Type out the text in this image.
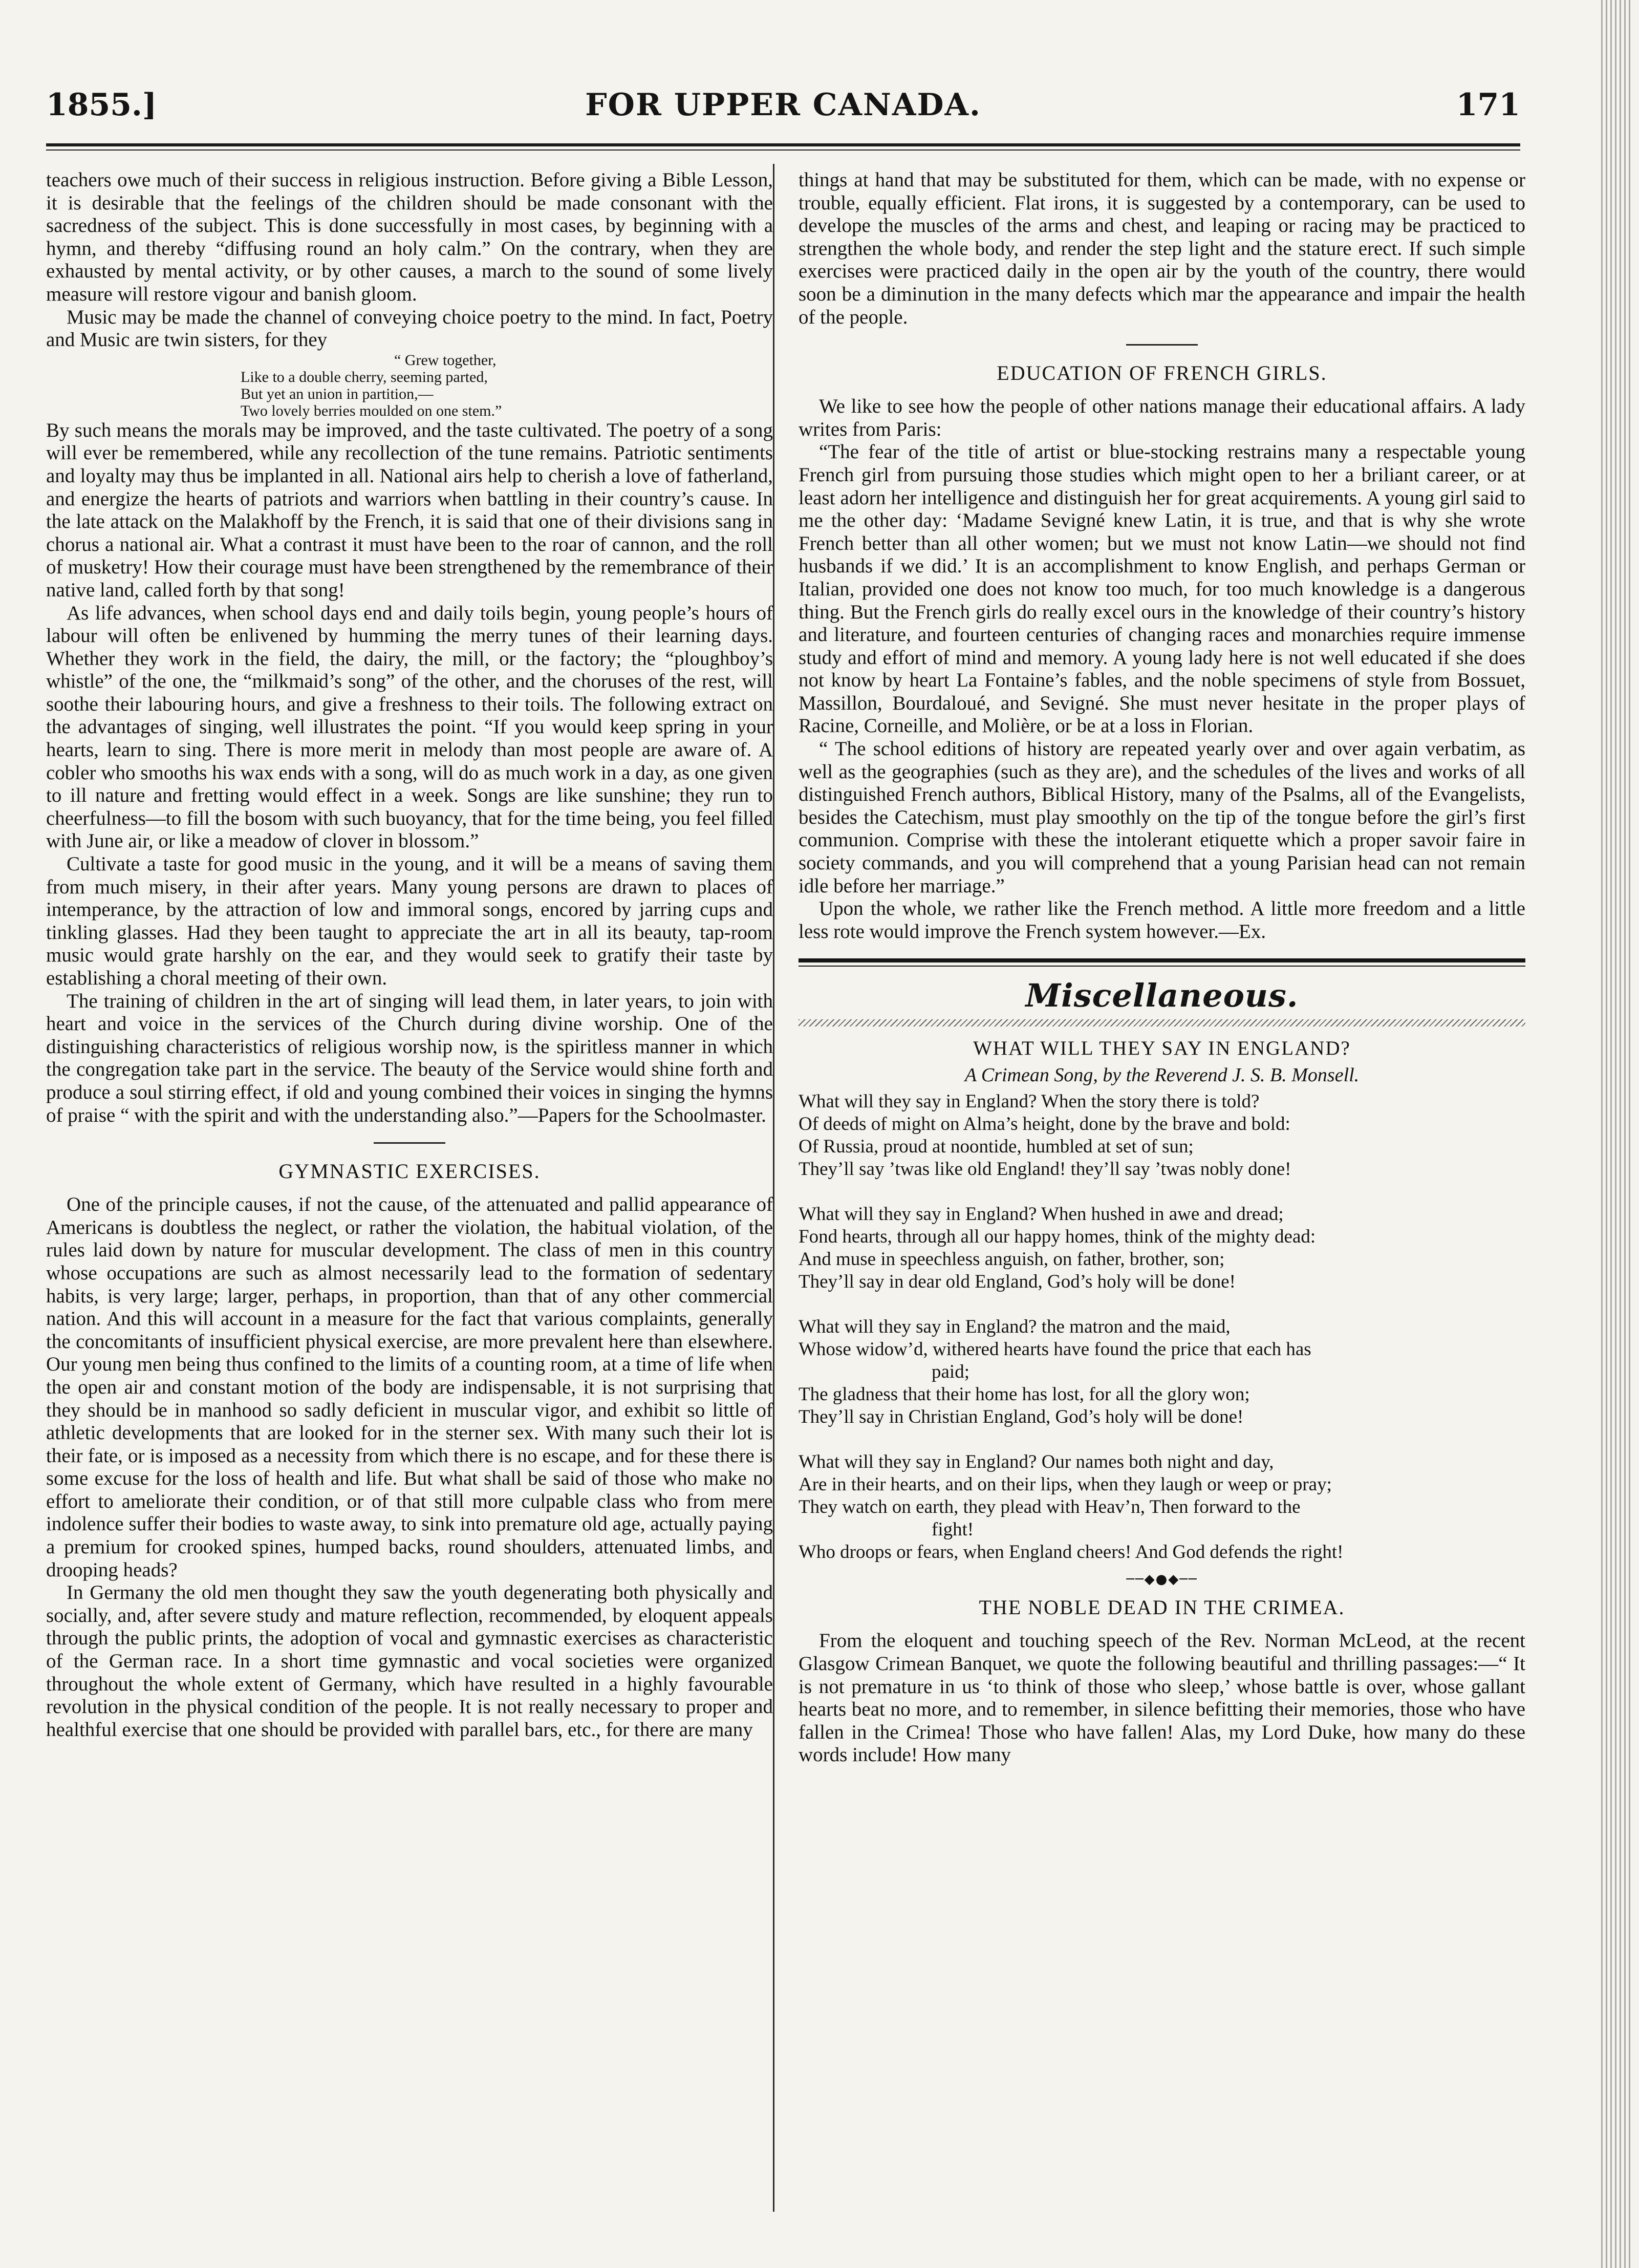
1855.]	FOR UPPER CANADA.	171

teachers owe much of their success in religious instruction. Before giving a Bible Lesson, it is desirable that the feelings of the children should be made consonant with the sacredness of the subject. This is done successfully in most cases, by beginning with a hymn, and thereby “diffusing round an holy calm.” On the contrary, when they are exhausted by mental activity, or by other causes, a march to the sound of some lively measure will restore vigour and banish gloom.

Music may be made the channel of conveying choice poetry to the mind. In fact, Poetry and Music are twin sisters, for they

“ Grew together,
Like to a double cherry, seeming parted,
But yet an union in partition,—
Two lovely berries moulded on one stem.”

By such means the morals may be improved, and the taste cultivated. The poetry of a song will ever be remembered, while any recollection of the tune remains. Patriotic sentiments and loyalty may thus be implanted in all. National airs help to cherish a love of fatherland, and energize the hearts of patriots and warriors when battling in their country’s cause. In the late attack on the Malakhoff by the French, it is said that one of their divisions sang in chorus a national air. What a contrast it must have been to the roar of cannon, and the roll of musketry! How their courage must have been strengthened by the remembrance of their native land, called forth by that song!

As life advances, when school days end and daily toils begin, young people’s hours of labour will often be enlivened by humming the merry tunes of their learning days. Whether they work in the field, the dairy, the mill, or the factory; the “ploughboy’s whistle” of the one, the “milkmaid’s song” of the other, and the choruses of the rest, will soothe their labouring hours, and give a freshness to their toils. The following extract on the advantages of singing, well illustrates the point. “If you would keep spring in your hearts, learn to sing. There is more merit in melody than most people are aware of. A cobler who smooths his wax ends with a song, will do as much work in a day, as one given to ill nature and fretting would effect in a week. Songs are like sunshine; they run to cheerfulness—to fill the bosom with such buoyancy, that for the time being, you feel filled with June air, or like a meadow of clover in blossom.”

Cultivate a taste for good music in the young, and it will be a means of saving them from much misery, in their after years. Many young persons are drawn to places of intemperance, by the attraction of low and immoral songs, encored by jarring cups and tinkling glasses. Had they been taught to appreciate the art in all its beauty, tap-room music would grate harshly on the ear, and they would seek to gratify their taste by establishing a choral meeting of their own.

The training of children in the art of singing will lead them, in later years, to join with heart and voice in the services of the Church during divine worship. One of the distinguishing characteristics of religious worship now, is the spiritless manner in which the congregation take part in the service. The beauty of the Service would shine forth and produce a soul stirring effect, if old and young combined their voices in singing the hymns of praise “ with the spirit and with the understanding also.”—Papers for the Schoolmaster.

GYMNASTIC EXERCISES.

One of the principle causes, if not the cause, of the attenuated and pallid appearance of Americans is doubtless the neglect, or rather the violation, the habitual violation, of the rules laid down by nature for muscular development. The class of men in this country whose occupations are such as almost necessarily lead to the formation of sedentary habits, is very large; larger, perhaps, in proportion, than that of any other commercial nation. And this will account in a measure for the fact that various complaints, generally the concomitants of insufficient physical exercise, are more prevalent here than elsewhere. Our young men being thus confined to the limits of a counting room, at a time of life when the open air and constant motion of the body are indispensable, it is not surprising that they should be in manhood so sadly deficient in muscular vigor, and exhibit so little of athletic developments that are looked for in the sterner sex. With many such their lot is their fate, or is imposed as a necessity from which there is no escape, and for these there is some excuse for the loss of health and life. But what shall be said of those who make no effort to ameliorate their condition, or of that still more culpable class who from mere indolence suffer their bodies to waste away, to sink into premature old age, actually paying a premium for crooked spines, humped backs, round shoulders, attenuated limbs, and drooping heads?

In Germany the old men thought they saw the youth degenerating both physically and socially, and, after severe study and mature reflection, recommended, by eloquent appeals through the public prints, the adoption of vocal and gymnastic exercises as characteristic of the German race. In a short time gymnastic and vocal societies were organized throughout the whole extent of Germany, which have resulted in a highly favourable revolution in the physical condition of the people. It is not really necessary to proper and healthful exercise that one should be provided with parallel bars, etc., for there are many

things at hand that may be substituted for them, which can be made, with no expense or trouble, equally efficient. Flat irons, it is suggested by a contemporary, can be used to develope the muscles of the arms and chest, and leaping or racing may be practiced to strengthen the whole body, and render the step light and the stature erect. If such simple exercises were practiced daily in the open air by the youth of the country, there would soon be a diminution in the many defects which mar the appearance and impair the health of the people.

EDUCATION OF FRENCH GIRLS.

We like to see how the people of other nations manage their educational affairs. A lady writes from Paris:

“The fear of the title of artist or blue-stocking restrains many a respectable young French girl from pursuing those studies which might open to her a briliant career, or at least adorn her intelligence and distinguish her for great acquirements. A young girl said to me the other day: ‘Madame Sevigné knew Latin, it is true, and that is why she wrote French better than all other women; but we must not know Latin—we should not find husbands if we did.’ It is an accomplishment to know English, and perhaps German or Italian, provided one does not know too much, for too much knowledge is a dangerous thing. But the French girls do really excel ours in the knowledge of their country’s history and literature, and fourteen centuries of changing races and monarchies require immense study and effort of mind and memory. A young lady here is not well educated if she does not know by heart La Fontaine’s fables, and the noble specimens of style from Bossuet, Massillon, Bourdaloué, and Sevigné. She must never hesitate in the proper plays of Racine, Corneille, and Molière, or be at a loss in Florian.

“ The school editions of history are repeated yearly over and over again verbatim, as well as the geographies (such as they are), and the schedules of the lives and works of all distinguished French authors, Biblical History, many of the Psalms, all of the Evangelists, besides the Catechism, must play smoothly on the tip of the tongue before the girl’s first communion. Comprise with these the intolerant etiquette which a proper savoir faire in society commands, and you will comprehend that a young Parisian head can not remain idle before her marriage.”

Upon the whole, we rather like the French method. A little more freedom and a little less rote would improve the French system however.—Ex.

Miscellaneous.
WHAT WILL THEY SAY IN ENGLAND?
A Crimean Song, by the Reverend J. S. B. Monsell.
What will they say in England? When the story there is told?
Of deeds of might on Alma’s height, done by the brave and bold:
Of Russia, proud at noontide, humbled at set of sun;
They’ll say ’twas like old England! they’ll say ’twas nobly done!
What will they say in England? When hushed in awe and dread;
Fond hearts, through all our happy homes, think of the mighty dead:
And muse in speechless anguish, on father, brother, son;
They’ll say in dear old England, God’s holy will be done!
What will they say in England? the matron and the maid,
Whose widow’d, withered hearts have found the price that each has
paid;
The gladness that their home has lost, for all the glory won;
They’ll say in Christian England, God’s holy will be done!
What will they say in England? Our names both night and day,
Are in their hearts, and on their lips, when they laugh or weep or pray;
They watch on earth, they plead with Heav’n, Then forward to the
fight!
Who droops or fears, when England cheers! And God defends the right!
──◆●◆──
THE NOBLE DEAD IN THE CRIMEA.

From the eloquent and touching speech of the Rev. Norman McLeod, at the recent Glasgow Crimean Banquet, we quote the following beautiful and thrilling passages:—“ It is not premature in us ‘to think of those who sleep,’ whose battle is over, whose gallant hearts beat no more, and to remember, in silence befitting their memories, those who have fallen in the Crimea! Those who have fallen! Alas, my Lord Duke, how many do these words include! How many
